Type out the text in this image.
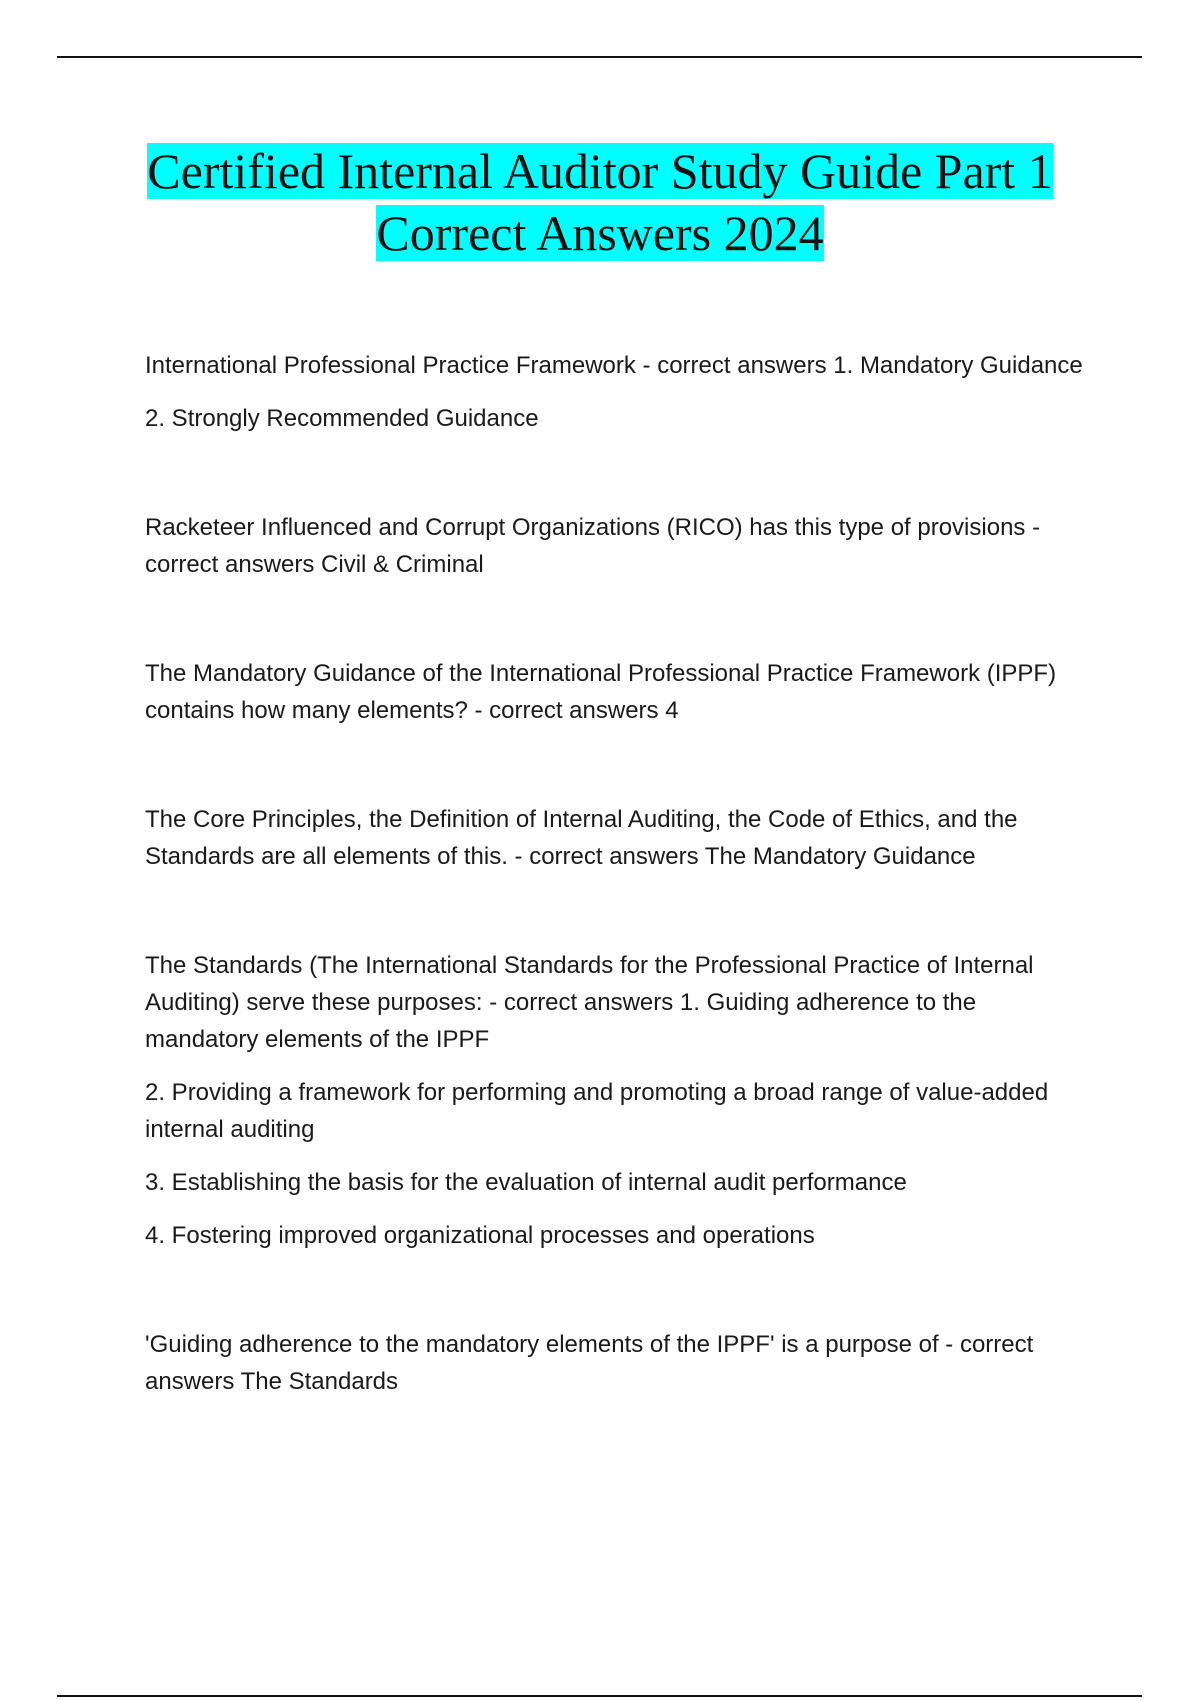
Certified Internal Auditor Study Guide Part 1 Correct Answers 2024

International Professional Practice Framework - correct answers 1. Mandatory Guidance

2. Strongly Recommended Guidance

Racketeer Influenced and Corrupt Organizations (RICO) has this type of provisions - correct answers Civil & Criminal

The Mandatory Guidance of the International Professional Practice Framework (IPPF) contains how many elements? - correct answers 4

The Core Principles, the Definition of Internal Auditing, the Code of Ethics, and the Standards are all elements of this. - correct answers The Mandatory Guidance

The Standards (The International Standards for the Professional Practice of Internal Auditing) serve these purposes: - correct answers 1. Guiding adherence to the mandatory elements of the IPPF

2. Providing a framework for performing and promoting a broad range of value-added internal auditing

3. Establishing the basis for the evaluation of internal audit performance

4. Fostering improved organizational processes and operations

'Guiding adherence to the mandatory elements of the IPPF' is a purpose of - correct answers The Standards
